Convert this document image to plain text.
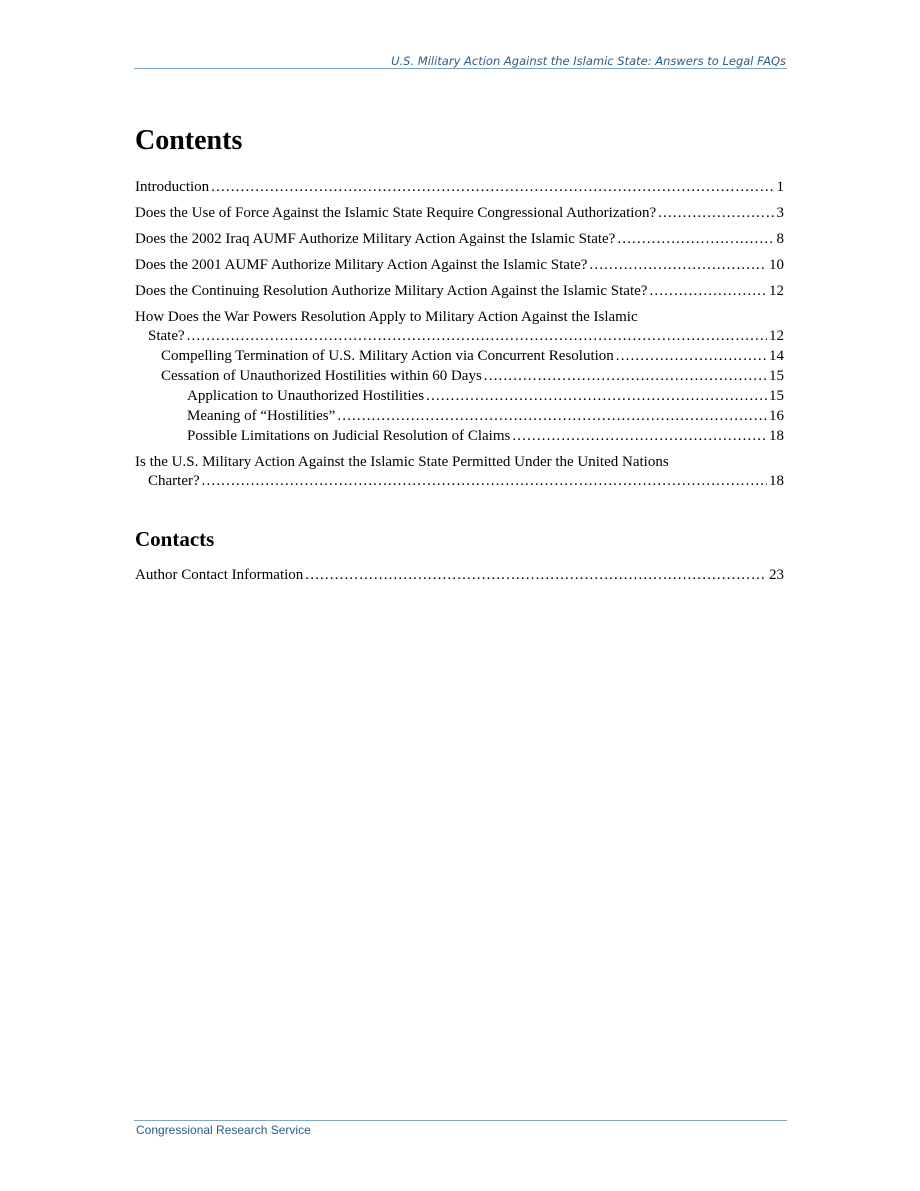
U.S. Military Action Against the Islamic State: Answers to Legal FAQs
Contents
Introduction . . .	1
Does the Use of Force Against the Islamic State Require Congressional Authorization? . . .	3
Does the 2002 Iraq AUMF Authorize Military Action Against the Islamic State? . . .	8
Does the 2001 AUMF Authorize Military Action Against the Islamic State? . . .	10
Does the Continuing Resolution Authorize Military Action Against the Islamic State? . . .	12
How Does the War Powers Resolution Apply to Military Action Against the Islamic
State? . . .	12
Compelling Termination of U.S. Military Action via Concurrent Resolution . . .	14
Cessation of Unauthorized Hostilities within 60 Days . . .	15
Application to Unauthorized Hostilities . . .	15
Meaning of “Hostilities” . . .	16
Possible Limitations on Judicial Resolution of Claims . . .	18
Is the U.S. Military Action Against the Islamic State Permitted Under the United Nations
Charter? . . .	18
Contacts
Author Contact Information . . .	23
Congressional Research Service
